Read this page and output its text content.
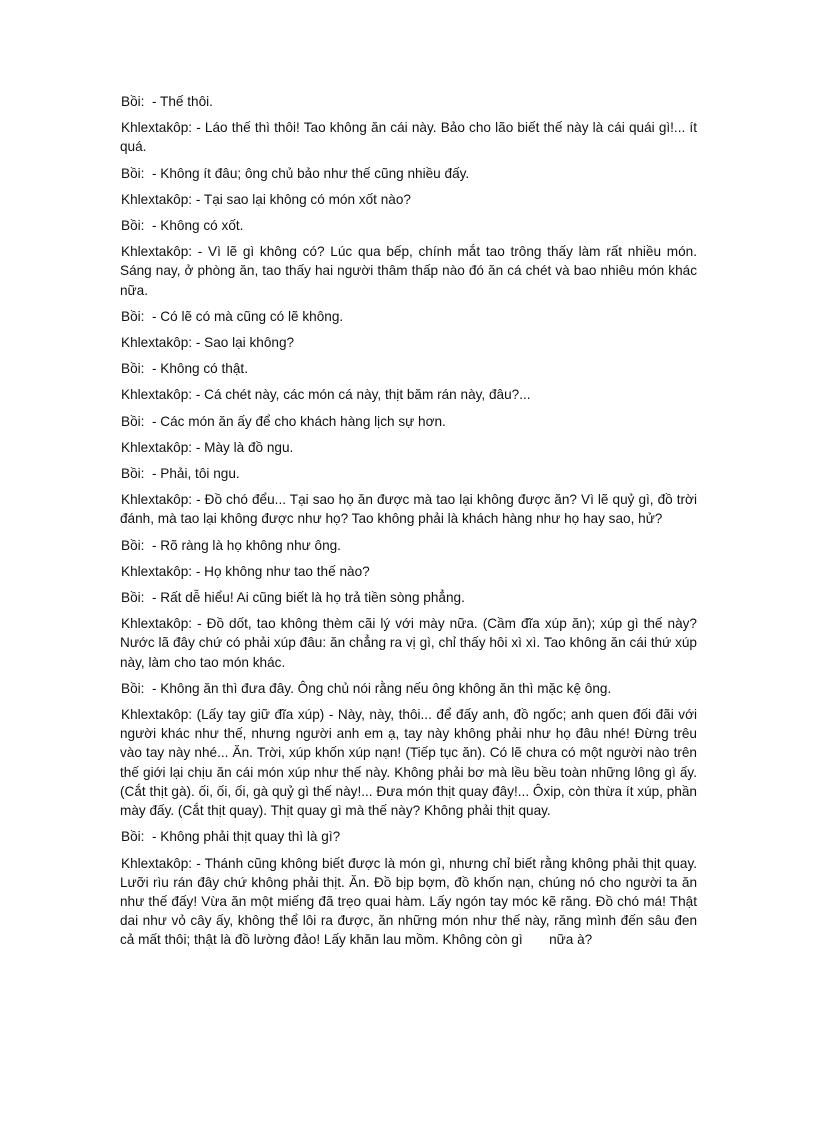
Bồi:  - Thế thôi.

Khlextakôp: - Láo thế thì thôi! Tao không ăn cái này. Bảo cho lão biết thế này là cái quái gì!... ít quá.

Bồi:  - Không ít đâu; ông chủ bảo như thế cũng nhiều đấy.

Khlextakôp: - Tại sao lại không có món xốt nào?

Bồi:  - Không có xốt.

Khlextakôp: - Vì lẽ gì không có? Lúc qua bếp, chính mắt tao trông thấy làm rất nhiều món. Sáng nay, ở phòng ăn, tao thấy hai người thâm thấp nào đó ăn cá chét và bao nhiêu món khác nữa.

Bồi:  - Có lẽ có mà cũng có lẽ không.

Khlextakôp: - Sao lại không?

Bồi:  - Không có thật.

Khlextakôp: - Cá chét này, các món cá này, thịt băm rán này, đâu?...

Bồi:  - Các món ăn ấy để cho khách hàng lịch sự hơn.

Khlextakôp: - Mày là đồ ngu.

Bồi:  - Phải, tôi ngu.

Khlextakôp: - Đồ chó đểu... Tại sao họ ăn được mà tao lại không được ăn? Vì lẽ quỷ gì, đồ trời đánh, mà tao lại không được như họ? Tao không phải là khách hàng như họ hay sao, hử?

Bồi:  - Rõ ràng là họ không như ông.

Khlextakôp: - Họ không như tao thế nào?

Bồi:  - Rất dễ hiểu! Ai cũng biết là họ trả tiền sòng phẳng.

Khlextakôp: - Đồ dốt, tao không thèm cãi lý với mày nữa. (Cầm đĩa xúp ăn); xúp gì thế này? Nước lã đây chứ có phải xúp đâu: ăn chẳng ra vị gì, chỉ thấy hôi xì xì. Tao không ăn cái thứ xúp này, làm cho tao món khác.

Bồi:  - Không ăn thì đưa đây. Ông chủ nói rằng nếu ông không ăn thì mặc kệ ông.

Khlextakôp: (Lấy tay giữ đĩa xúp) - Này, này, thôi... để đấy anh, đồ ngốc; anh quen đối đãi với người khác như thế, nhưng người anh em ạ, tay này không phải như họ đâu nhé! Đừng trêu vào tay này nhé... Ăn. Trời, xúp khốn xúp nạn! (Tiếp tục ăn). Có lẽ chưa có một người nào trên thế giới lại chịu ăn cái món xúp như thế này. Không phải bơ mà lều bều toàn những lông gì ấy. (Cắt thịt gà). ối, ối, ối, gà quỷ gì thế này!... Đưa món thịt quay đây!... Ôxip, còn thừa ít xúp, phần mày đấy. (Cắt thịt quay). Thịt quay gì mà thế này? Không phải thịt quay.

Bồi:  - Không phải thịt quay thì là gì?

Khlextakôp: - Thánh cũng không biết được là món gì, nhưng chỉ biết rằng không phải thịt quay. Lưỡi rìu rán đây chứ không phải thịt. Ăn. Đồ bịp bợm, đồ khốn nạn, chúng nó cho người ta ăn như thế đấy! Vừa ăn một miếng đã trẹo quai hàm. Lấy ngón tay móc kẽ răng. Đồ chó má! Thật dai như vỏ cây ấy, không thể lôi ra được, ăn những món như thế này, răng mình đến sâu đen cả mất thôi; thật là đồ lường đảo! Lấy khăn lau mồm. Không còn gì       nữa à?
